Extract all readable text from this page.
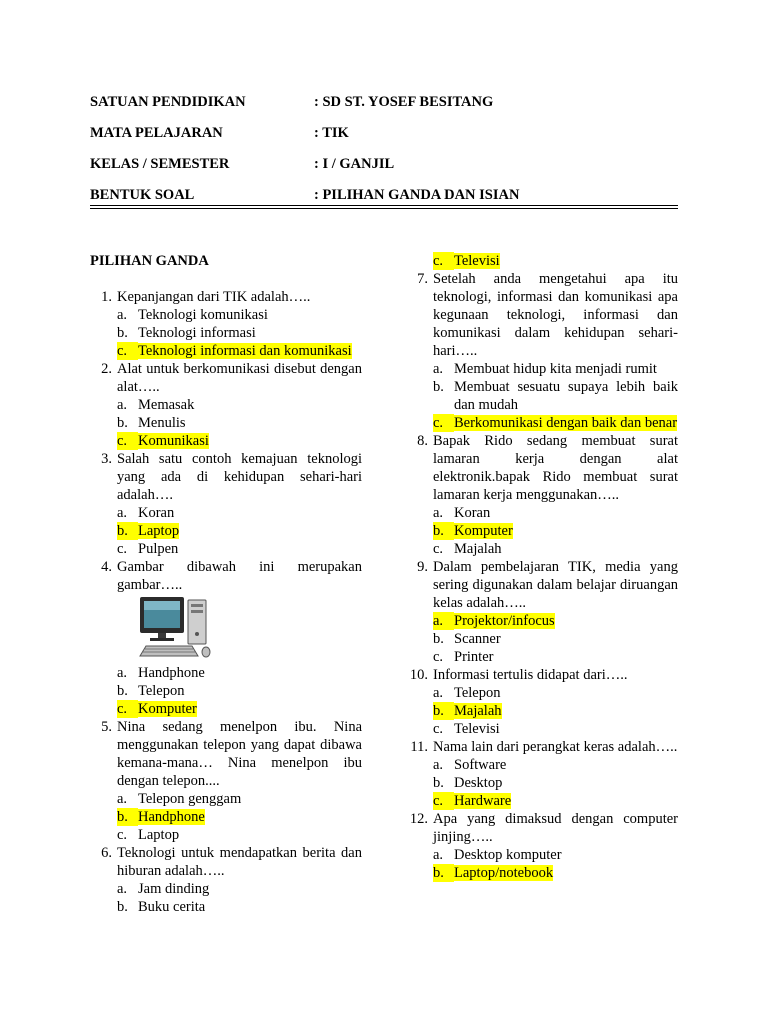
SATUAN PENDIDIKAN	: SD ST. YOSEF BESITANG
MATA PELAJARAN	: TIK
KELAS / SEMESTER	: I / GANJIL
BENTUK SOAL	: PILIHAN GANDA DAN ISIAN
PILIHAN GANDA
1. Kepanjangan dari TIK adalah…..
a. Teknologi komunikasi
b. Teknologi informasi
c. Teknologi informasi dan komunikasi
2. Alat untuk berkomunikasi disebut dengan alat…..
a. Memasak
b. Menulis
c. Komunikasi
3. Salah satu contoh kemajuan teknologi yang ada di kehidupan sehari-hari adalah….
a. Koran
b. Laptop
c. Pulpen
4. Gambar dibawah ini merupakan gambar…..
a. Handphone
b. Telepon
c. Komputer
5. Nina sedang menelpon ibu. Nina menggunakan telepon yang dapat dibawa kemana-mana… Nina menelpon ibu dengan telepon....
a. Telepon genggam
b. Handphone
c. Laptop
6. Teknologi untuk mendapatkan berita dan hiburan adalah…..
a. Jam dinding
b. Buku cerita
c. Televisi
7. Setelah anda mengetahui apa itu teknologi, informasi dan komunikasi apa kegunaan teknologi, informasi dan komunikasi dalam kehidupan sehari-hari…..
a. Membuat hidup kita menjadi rumit
b. Membuat sesuatu supaya lebih baik dan mudah
c. Berkomunikasi dengan baik dan benar
8. Bapak Rido sedang membuat surat lamaran kerja dengan alat elektronik.bapak Rido membuat surat lamaran kerja menggunakan…..
a. Koran
b. Komputer
c. Majalah
9. Dalam pembelajaran TIK, media yang sering digunakan dalam belajar diruangan kelas adalah…..
a. Projektor/infocus
b. Scanner
c. Printer
10. Informasi tertulis didapat dari…..
a. Telepon
b. Majalah
c. Televisi
11. Nama lain dari perangkat keras adalah…..
a. Software
b. Desktop
c. Hardware
12. Apa yang dimaksud dengan computer jinjing…..
a. Desktop komputer
b. Laptop/notebook
